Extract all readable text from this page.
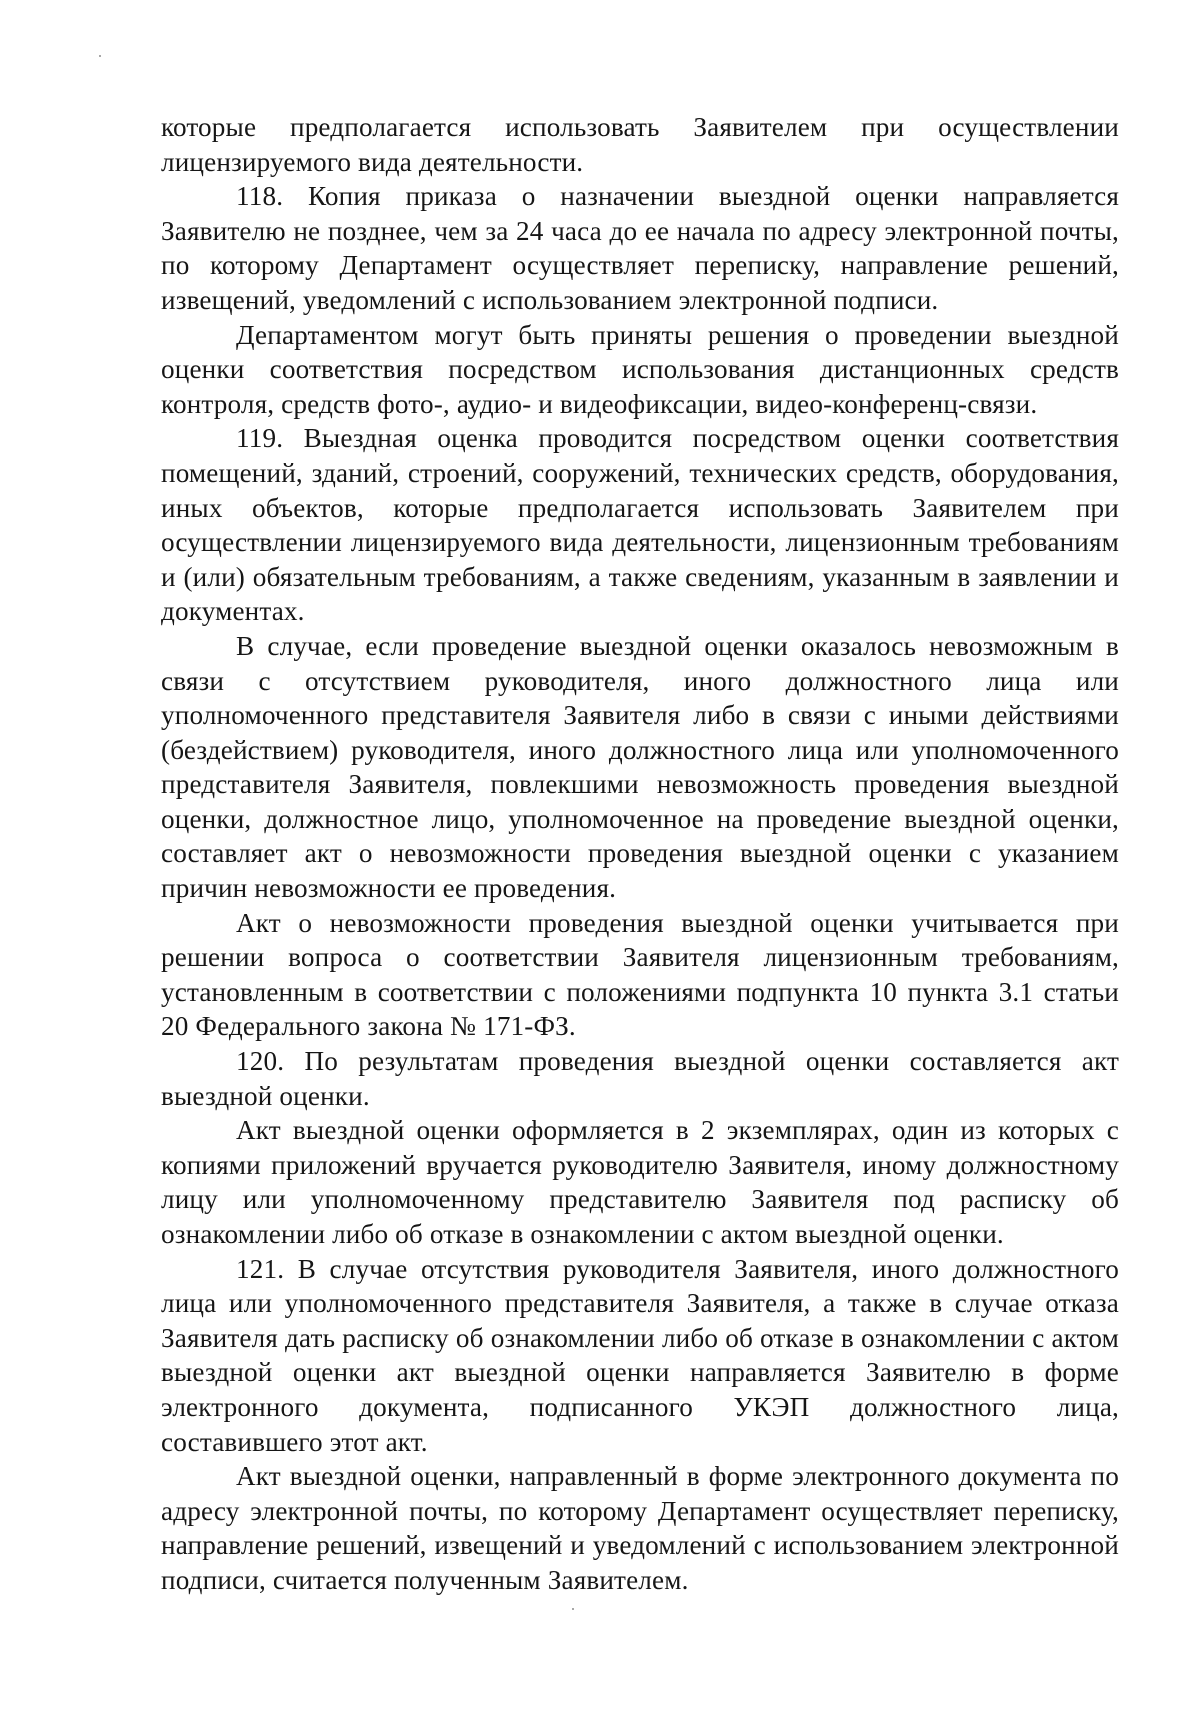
которые предполагается использовать Заявителем при осуществлении лицензируемого вида деятельности.

118. Копия приказа о назначении выездной оценки направляется Заявителю не позднее, чем за 24 часа до ее начала по адресу электронной почты, по которому Департамент осуществляет переписку, направление решений, извещений, уведомлений с использованием электронной подписи.

Департаментом могут быть приняты решения о проведении выездной оценки соответствия посредством использования дистанционных средств контроля, средств фото-, аудио- и видеофиксации, видео-конференц-связи.

119. Выездная оценка проводится посредством оценки соответствия помещений, зданий, строений, сооружений, технических средств, оборудования, иных объектов, которые предполагается использовать Заявителем при осуществлении лицензируемого вида деятельности, лицензионным требованиям и (или) обязательным требованиям, а также сведениям, указанным в заявлении и документах.

В случае, если проведение выездной оценки оказалось невозможным в связи с отсутствием руководителя, иного должностного лица или уполномоченного представителя Заявителя либо в связи с иными действиями (бездействием) руководителя, иного должностного лица или уполномоченного представителя Заявителя, повлекшими невозможность проведения выездной оценки, должностное лицо, уполномоченное на проведение выездной оценки, составляет акт о невозможности проведения выездной оценки с указанием причин невозможности ее проведения.

Акт о невозможности проведения выездной оценки учитывается при решении вопроса о соответствии Заявителя лицензионным требованиям, установленным в соответствии с положениями подпункта 10 пункта 3.1 статьи 20 Федерального закона № 171-ФЗ.

120. По результатам проведения выездной оценки составляется акт выездной оценки.

Акт выездной оценки оформляется в 2 экземплярах, один из которых с копиями приложений вручается руководителю Заявителя, иному должностному лицу или уполномоченному представителю Заявителя под расписку об ознакомлении либо об отказе в ознакомлении с актом выездной оценки.

121. В случае отсутствия руководителя Заявителя, иного должностного лица или уполномоченного представителя Заявителя, а также в случае отказа Заявителя дать расписку об ознакомлении либо об отказе в ознакомлении с актом выездной оценки акт выездной оценки направляется Заявителю в форме электронного документа, подписанного УКЭП должностного лица, составившего этот акт.

Акт выездной оценки, направленный в форме электронного документа по адресу электронной почты, по которому Департамент осуществляет переписку, направление решений, извещений и уведомлений с использованием электронной подписи, считается полученным Заявителем.
